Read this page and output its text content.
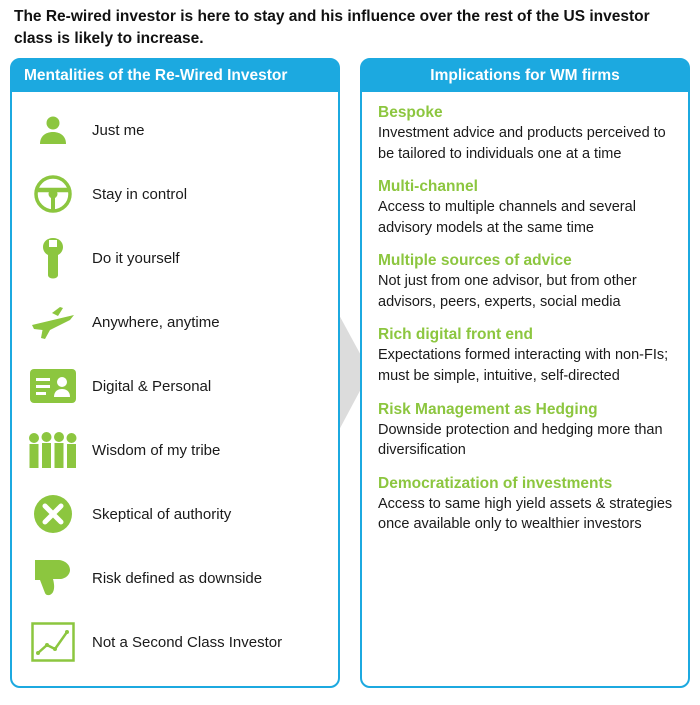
The Re-wired investor is here to stay and his influence over the rest of the US investor class is likely to increase.
Mentalities of the Re-Wired Investor
Just me
Stay in control
Do it yourself
Anywhere, anytime
Digital & Personal
Wisdom of my tribe
Skeptical of authority
Risk defined as downside
Not a Second Class Investor
Implications for WM firms
Bespoke
Investment advice and products perceived to be tailored to individuals one at a time
Multi-channel
Access to multiple channels and several advisory models at the same time
Multiple sources of advice
Not just from one advisor, but from other advisors, peers, experts, social media
Rich digital front end
Expectations formed interacting with non-FIs; must be simple, intuitive, self-directed
Risk Management as Hedging
Downside protection and hedging more than diversification
Democratization of investments
Access to same high yield assets & strategies once available only to wealthier investors
